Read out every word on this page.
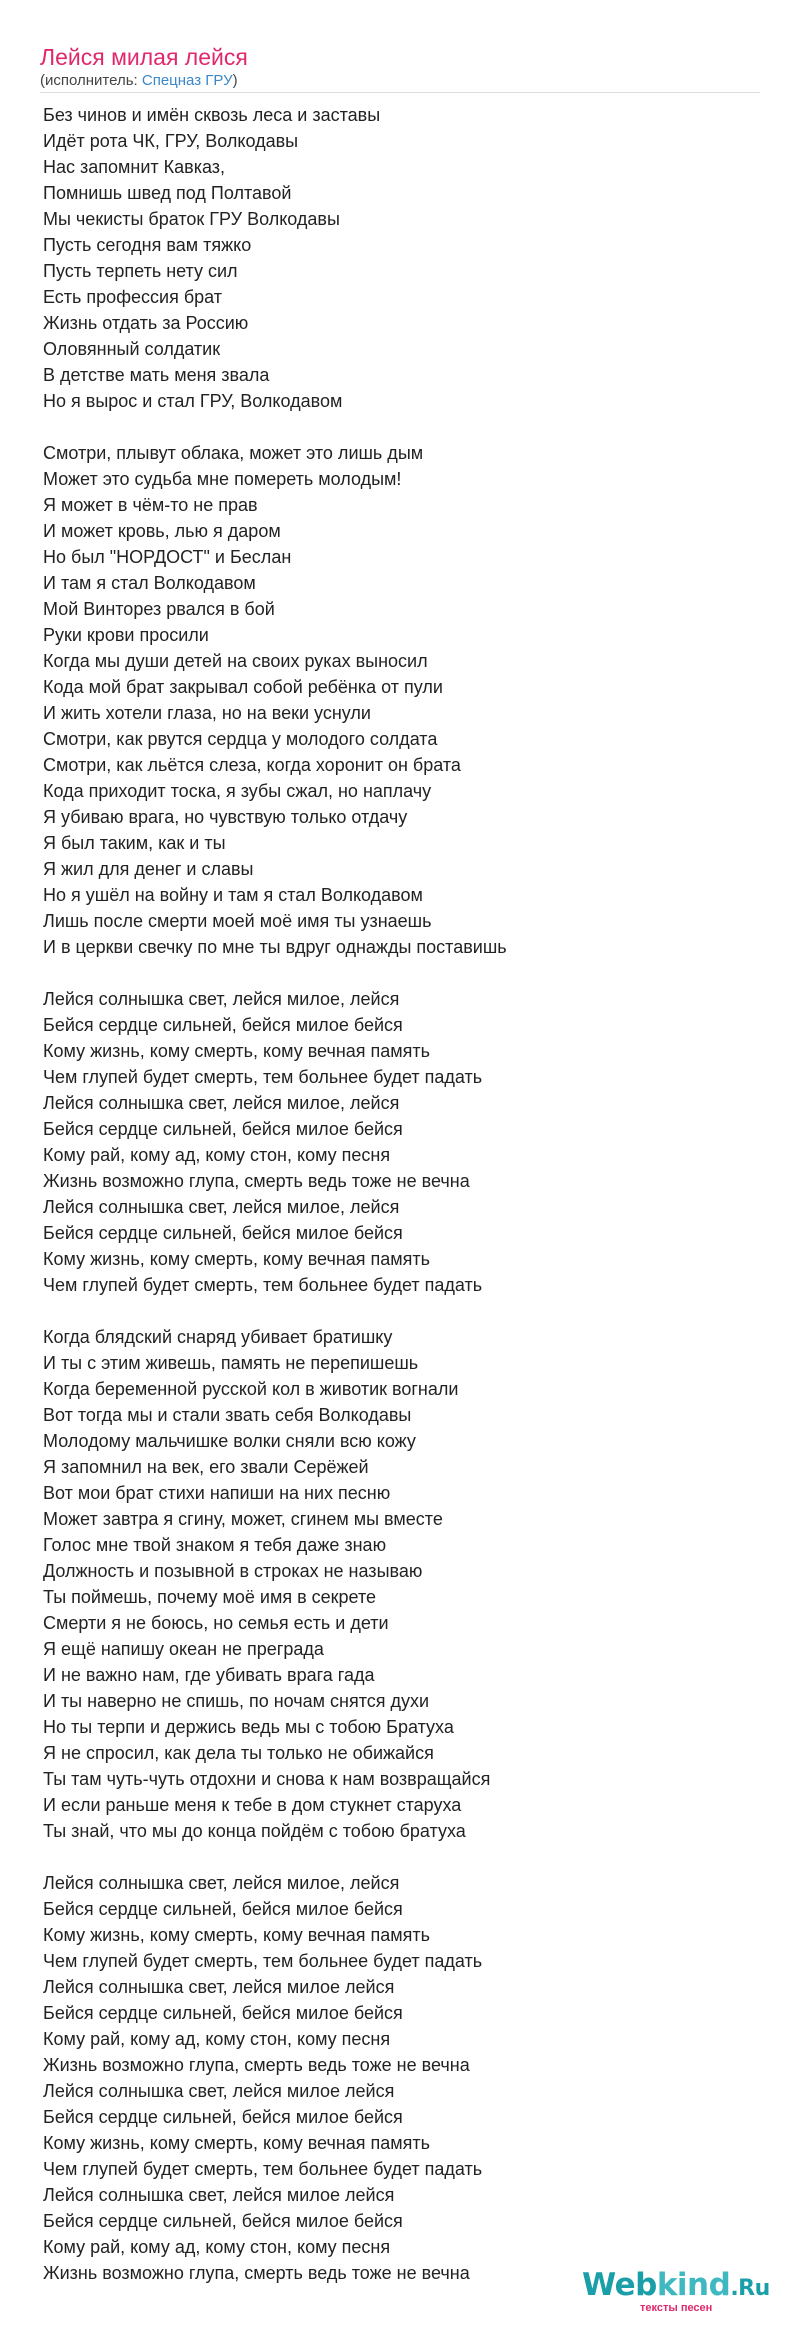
Лейся милая лейся
(исполнитель: Спецназ ГРУ)
Без чинов и имён сквозь леса и заставы
Идёт рота ЧК, ГРУ, Волкодавы
Нас запомнит Кавказ,
Помнишь швед под Полтавой
Мы чекисты браток ГРУ Волкодавы
Пусть сегодня вам тяжко
Пусть терпеть нету сил
Есть профессия брат
Жизнь отдать за Россию
Оловянный солдатик
В детстве мать меня звала
Но я вырос и стал ГРУ, Волкодавом
Смотри, плывут облака, может это лишь дым
Может это судьба мне помереть молодым!
Я может в чём-то не прав
И может кровь, лью я даром
Но был "НОРДОСТ" и Беслан
И там я стал Волкодавом
Мой Винторез рвался в бой
Руки крови просили
Когда мы души детей на своих руках выносил
Кода мой брат закрывал собой ребёнка от пули
И жить хотели глаза, но на веки уснули
Смотри, как рвутся сердца у молодого солдата
Смотри, как льётся слеза, когда хоронит он брата
Кода приходит тоска, я зубы сжал, но наплачу
Я убиваю врага, но чувствую только отдачу
Я был таким, как и ты
Я жил для денег и славы
Но я ушёл на войну и там я стал Волкодавом
Лишь после смерти моей моё имя ты узнаешь
И в церкви свечку по мне ты вдруг однажды поставишь
Лейся солнышка свет, лейся милое, лейся
Бейся сердце сильней, бейся милое бейся
Кому жизнь, кому смерть, кому вечная память
Чем глупей будет смерть, тем больнее будет падать
Лейся солнышка свет, лейся милое, лейся
Бейся сердце сильней, бейся милое бейся
Кому рай, кому ад, кому стон, кому песня
Жизнь возможно глупа, смерть ведь тоже не вечна
Лейся солнышка свет, лейся милое, лейся
Бейся сердце сильней, бейся милое бейся
Кому жизнь, кому смерть, кому вечная память
Чем глупей будет смерть, тем больнее будет падать
Когда блядский снаряд убивает братишку
И ты с этим живешь, память не перепишешь
Когда беременной русской кол в животик вогнали
Вот тогда мы и стали звать себя Волкодавы
Молодому мальчишке волки сняли всю кожу
Я запомнил на век, его звали Серёжей
Вот мои брат стихи напиши на них песню
Может завтра я сгину, может, сгинем мы вместе
Голос мне твой знаком я тебя даже знаю
Должность и позывной в строках не называю
Ты поймешь, почему моё имя в секрете
Смерти я не боюсь, но семья есть и дети
Я ещё напишу океан не преграда
И не важно нам, где убивать врага гада
И ты наверно не спишь, по ночам снятся духи
Но ты терпи и держись ведь мы с тобою Братуха
Я не спросил, как дела ты только не обижайся
Ты там чуть-чуть отдохни и снова к нам возвращайся
И если раньше меня к тебе в дом стукнет старуха
Ты знай, что мы до конца пойдём с тобою братуха
Лейся солнышка свет, лейся милое, лейся
Бейся сердце сильней, бейся милое бейся
Кому жизнь, кому смерть, кому вечная память
Чем глупей будет смерть, тем больнее будет падать
Лейся солнышка свет, лейся милое лейся
Бейся сердце сильней, бейся милое бейся
Кому рай, кому ад, кому стон, кому песня
Жизнь возможно глупа, смерть ведь тоже не вечна
Лейся солнышка свет, лейся милое лейся
Бейся сердце сильней, бейся милое бейся
Кому жизнь, кому смерть, кому вечная память
Чем глупей будет смерть, тем больнее будет падать
Лейся солнышка свет, лейся милое лейся
Бейся сердце сильней, бейся милое бейся
Кому рай, кому ад, кому стон, кому песня
Жизнь возможно глупа, смерть ведь тоже не вечна	Webkind.Ru
тексты песен
